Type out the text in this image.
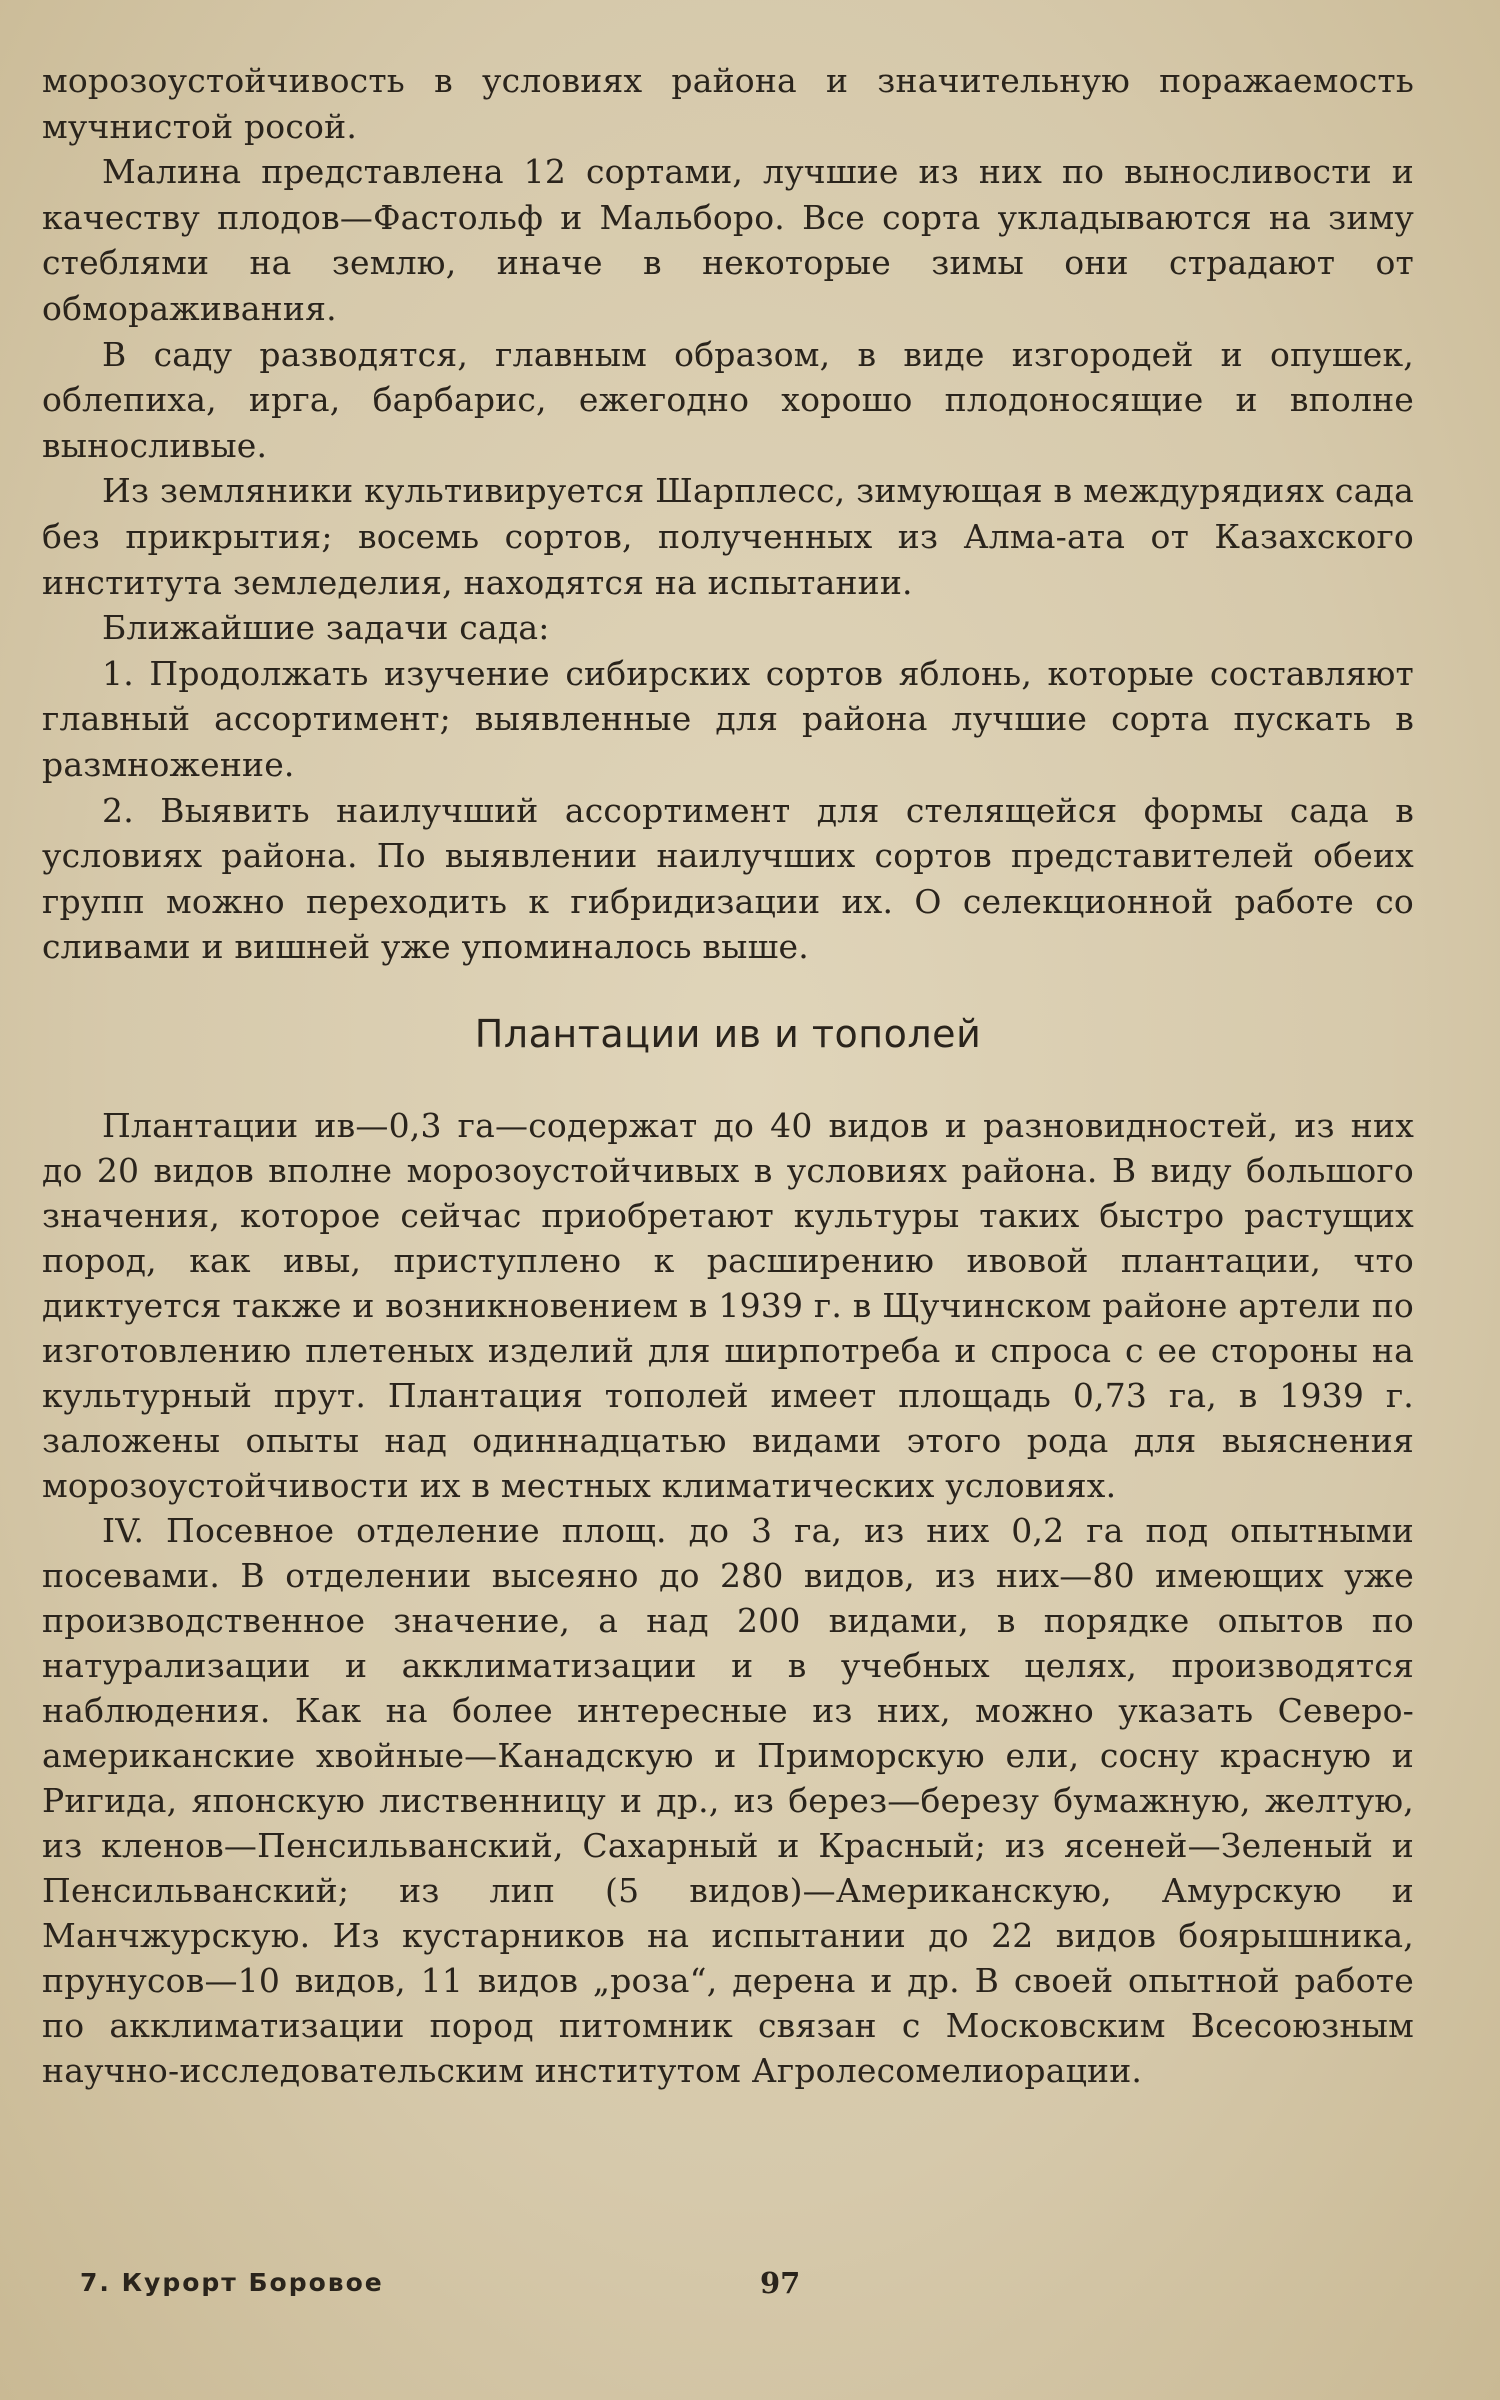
морозоустойчивость в условиях района и значительную поражаемость мучнистой росой.

Малина представлена 12 сортами, лучшие из них по выносливости и качеству плодов—Фастольф и Мальборо. Все сорта укладываются на зиму стеблями на землю, иначе в некоторые зимы они страдают от обмораживания.

В саду разводятся, главным образом, в виде изгородей и опушек, облепиха, ирга, барбарис, ежегодно хорошо плодоносящие и вполне выносливые.

Из земляники культивируется Шарплесс, зимующая в междурядиях сада без прикрытия; восемь сортов, полученных из Алма-ата от Казахского института земледелия, находятся на испытании.

Ближайшие задачи сада:

1. Продолжать изучение сибирских сортов яблонь, которые составляют главный ассортимент; выявленные для района лучшие сорта пускать в размножение.

2. Выявить наилучший ассортимент для стелящейся формы сада в условиях района. По выявлении наилучших сортов представителей обеих групп можно переходить к гибридизации их. О селекционной работе со сливами и вишней уже упоминалось выше.

Плантации ив и тополей

Плантации ив—0,3 га—содержат до 40 видов и разновидностей, из них до 20 видов вполне морозоустойчивых в условиях района. В виду большого значения, которое сейчас приобретают культуры таких быстро растущих пород, как ивы, приступлено к расширению ивовой плантации, что диктуется также и возникновением в 1939 г. в Щучинском районе артели по изготовлению плетеных изделий для ширпотреба и спроса с ее стороны на культурный прут. Плантация тополей имеет площадь 0,73 га, в 1939 г. заложены опыты над одиннадцатью видами этого рода для выяснения морозоустойчивости их в местных климатических условиях.

IV. Посевное отделение площ. до 3 га, из них 0,2 га под опытными посевами. В отделении высеяно до 280 видов, из них—80 имеющих уже производственное значение, а над 200 видами, в порядке опытов по натурализации и акклиматизации и в учебных целях, производятся наблюдения. Как на более интересные из них, можно указать Северо-американские хвойные—Канадскую и Приморскую ели, сосну красную и Ригида, японскую лиственницу и др., из берез—березу бумажную, желтую, из кленов—Пенсильванский, Сахарный и Красный; из ясеней—Зеленый и Пенсильванский; из лип (5 видов)—Американскую, Амурскую и Манчжурскую. Из кустарников на испытании до 22 видов боярышника, прунусов—10 видов, 11 видов „роза“, дерена и др. В своей опытной работе по акклиматизации пород питомник связан с Московским Всесоюзным научно-исследовательским институтом Агролесомелиорации.

7. Курорт Боровое	97
